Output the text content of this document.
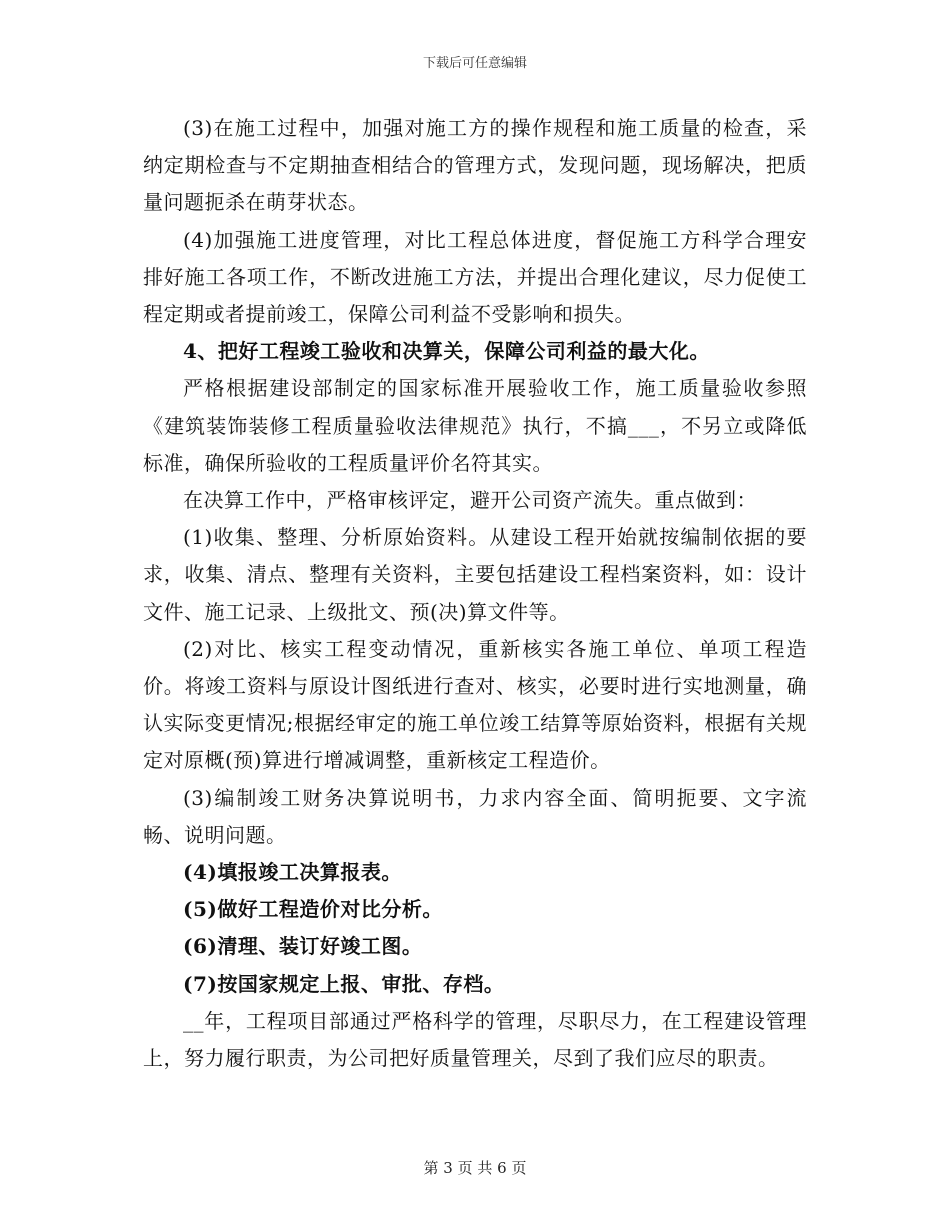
下载后可任意编辑

(3)在施工过程中，加强对施工方的操作规程和施工质量的检查，采纳定期检查与不定期抽查相结合的管理方式，发现问题，现场解决，把质量问题扼杀在萌芽状态。

(4)加强施工进度管理，对比工程总体进度，督促施工方科学合理安排好施工各项工作，不断改进施工方法，并提出合理化建议，尽力促使工程定期或者提前竣工，保障公司利益不受影响和损失。

4、把好工程竣工验收和决算关，保障公司利益的最大化。

严格根据建设部制定的国家标准开展验收工作，施工质量验收参照《建筑装饰装修工程质量验收法律规范》执行，不搞___，不另立或降低标准，确保所验收的工程质量评价名符其实。

在决算工作中，严格审核评定，避开公司资产流失。重点做到：

(1)收集、整理、分析原始资料。从建设工程开始就按编制依据的要求，收集、清点、整理有关资料，主要包括建设工程档案资料，如：设计文件、施工记录、上级批文、预(决)算文件等。

(2)对比、核实工程变动情况，重新核实各施工单位、单项工程造价。将竣工资料与原设计图纸进行查对、核实，必要时进行实地测量，确认实际变更情况;根据经审定的施工单位竣工结算等原始资料，根据有关规定对原概(预)算进行增减调整，重新核定工程造价。

(3)编制竣工财务决算说明书，力求内容全面、简明扼要、文字流畅、说明问题。

(4)填报竣工决算报表。

(5)做好工程造价对比分析。

(6)清理、装订好竣工图。

(7)按国家规定上报、审批、存档。

__年，工程项目部通过严格科学的管理，尽职尽力，在工程建设管理上，努力履行职责，为公司把好质量管理关，尽到了我们应尽的职责。

第 3 页 共 6 页
